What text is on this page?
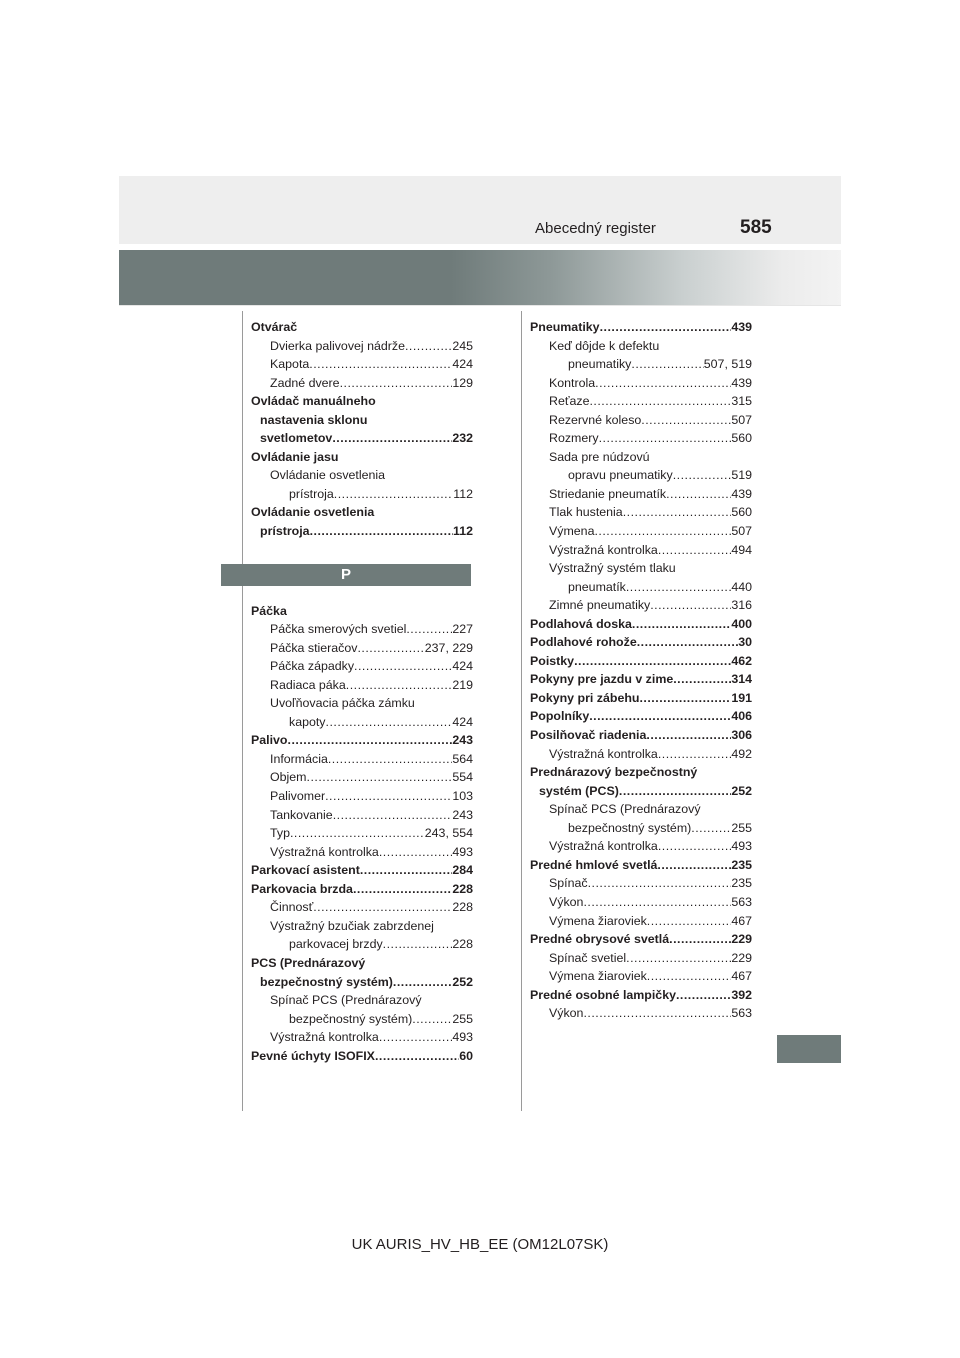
Abecedný register	585
Otvárač
Dvierka palivovej nádrže .....	245
Kapota .....	424
Zadné dvere .....	129
Ovládač manuálneho
nastavenia sklonu
svetlometov .....	232
Ovládanie jasu
Ovládanie osvetlenia
prístroja .....	112
Ovládanie osvetlenia
prístroja .....	112
P
Páčka
Páčka smerových svetiel .....	227
Páčka stieračov .....	237, 229
Páčka západky .....	424
Radiaca páka .....	219
Uvoľňovacia páčka zámku
kapoty .....	424
Palivo .....	243
Informácia .....	564
Objem .....	554
Palivomer .....	103
Tankovanie .....	243
Typ .....	243, 554
Výstražná kontrolka .....	493
Parkovací asistent .....	284
Parkovacia brzda .....	228
Činnosť .....	228
Výstražný bzučiak zabrzdenej
parkovacej brzdy .....	228
PCS (Prednárazový
bezpečnostný systém) .....	252
Spínač PCS (Prednárazový
bezpečnostný systém) .....	255
Výstražná kontrolka .....	493
Pevné úchyty ISOFIX .....	60
Pneumatiky .....	439
Keď dôjde k defektu
pneumatiky .....	507, 519
Kontrola .....	439
Reťaze .....	315
Rezervné koleso .....	507
Rozmery .....	560
Sada pre núdzovú
opravu pneumatiky .....	519
Striedanie pneumatík .....	439
Tlak hustenia .....	560
Výmena .....	507
Výstražná kontrolka .....	494
Výstražný systém tlaku
pneumatík .....	440
Zimné pneumatiky .....	316
Podlahová doska .....	400
Podlahové rohože .....	30
Poistky .....	462
Pokyny pre jazdu v zime .....	314
Pokyny pri zábehu .....	191
Popolníky .....	406
Posilňovač riadenia .....	306
Výstražná kontrolka .....	492
Prednárazový bezpečnostný
systém (PCS) .....	252
Spínač PCS (Prednárazový
bezpečnostný systém) .....	255
Výstražná kontrolka .....	493
Predné hmlové svetlá .....	235
Spínač .....	235
Výkon .....	563
Výmena žiaroviek .....	467
Predné obrysové svetlá .....	229
Spínač svetiel .....	229
Výmena žiaroviek .....	467
Predné osobné lampičky .....	392
Výkon .....	563
UK AURIS_HV_HB_EE (OM12L07SK)
